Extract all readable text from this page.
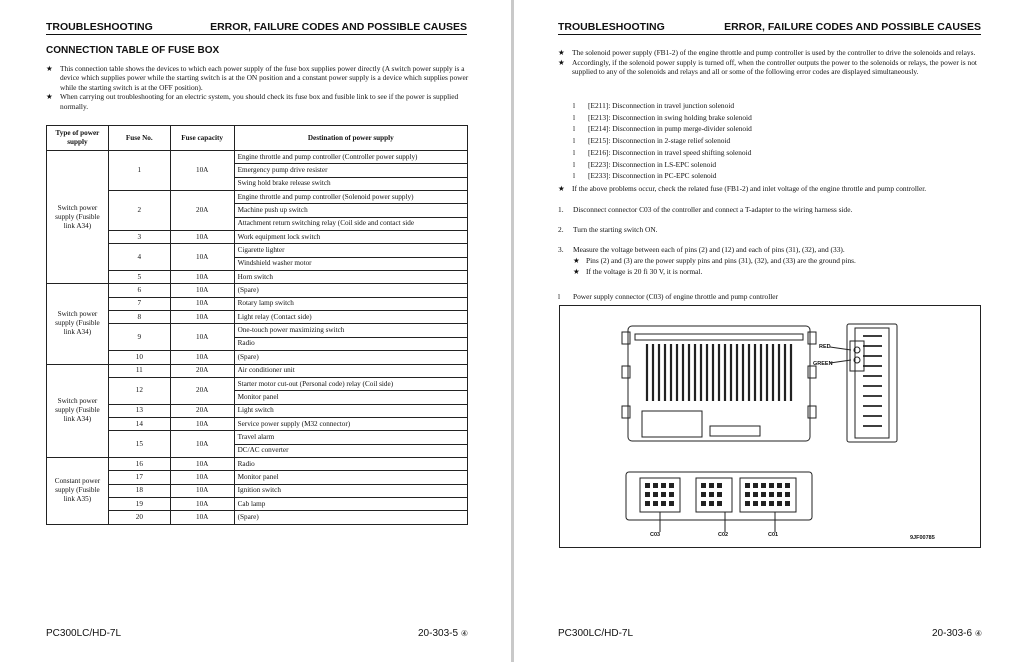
TROUBLESHOOTING	ERROR, FAILURE CODES AND POSSIBLE CAUSES
CONNECTION TABLE OF FUSE BOX
★ This connection table shows the devices to which each power supply of the fuse box supplies power directly (A switch power supply is a device which supplies power while the starting switch is at the ON position and a constant power supply is a device which supplies power while the starting switch is at the OFF position).
★ When carrying out troubleshooting for an electric system, you should check its fuse box and fusible link to see if the power is supplied normally.
Type of power supply	Fuse No.	Fuse capacity	Destination of power supply
Switch power supply (Fusible link A34)	1	10A	Engine throttle and pump controller (Controller power supply)
			Emergency pump drive resister
			Swing hold brake release switch
	2	20A	Engine throttle and pump controller (Solenoid power supply)
			Machine push up switch
			Attachment return switching relay (Coil side and contact side
	3	10A	Work equipment lock switch
	4	10A	Cigarette lighter
			Windshield washer motor
	5	10A	Horn switch
Switch power supply (Fusible link A34)	6	10A	(Spare)
	7	10A	Rotary lamp switch
	8	10A	Light relay (Contact side)
	9	10A	One-touch power maximizing switch
			Radio
	10	10A	(Spare)
Switch power supply (Fusible link A34)	11	20A	Air conditioner unit
	12	20A	Starter motor cut-out (Personal code) relay (Coil side)
			Monitor panel
	13	20A	Light switch
	14	10A	Service power supply (M32 connector)
	15	10A	Travel alarm
			DC/AC converter
Constant power supply (Fusible link A35)	16	10A	Radio
	17	10A	Monitor panel
	18	10A	Ignition switch
	19	10A	Cab lamp
	20	10A	(Spare)
PC300LC/HD-7L	20-303-5 ④
TROUBLESHOOTING	ERROR, FAILURE CODES AND POSSIBLE CAUSES
★ The solenoid power supply (FB1-2) of the engine throttle and pump controller is used by the controller to drive the solenoids and relays.
★ Accordingly, if the solenoid power supply is turned off, when the controller outputs the power to the solenoids or relays, the power is not supplied to any of the solenoids and relays and all or some of the following error codes are displayed simultaneously.
l [E211]: Disconnection in travel junction solenoid
l [E213]: Disconnection in swing holding brake solenoid
l [E214]: Disconnection in pump merge-divider solenoid
l [E215]: Disconnection in 2-stage relief solenoid
l [E216]: Disconnection in travel speed shifting solenoid
l [E223]: Disconnection in LS-EPC solenoid
l [E233]: Disconnection in PC-EPC solenoid
★ If the above problems occur, check the related fuse (FB1-2) and inlet voltage of the engine throttle and pump controller.
1. Disconnect connector C03 of the controller and connect a T-adapter to the wiring harness side.
2. Turn the starting switch ON.
3. Measure the voltage between each of pins (2) and (12) and each of pins (31), (32), and (33).
★ Pins (2) and (3) are the power supply pins and pins (31), (32), and (33) are the ground pins.
★ If the voltage is 20 fi 30 V, it is normal.
l Power supply connector (C03) of engine throttle and pump controller
RED
GREEN
C03	C02	C01	9JF00785
PC300LC/HD-7L	20-303-6 ④
